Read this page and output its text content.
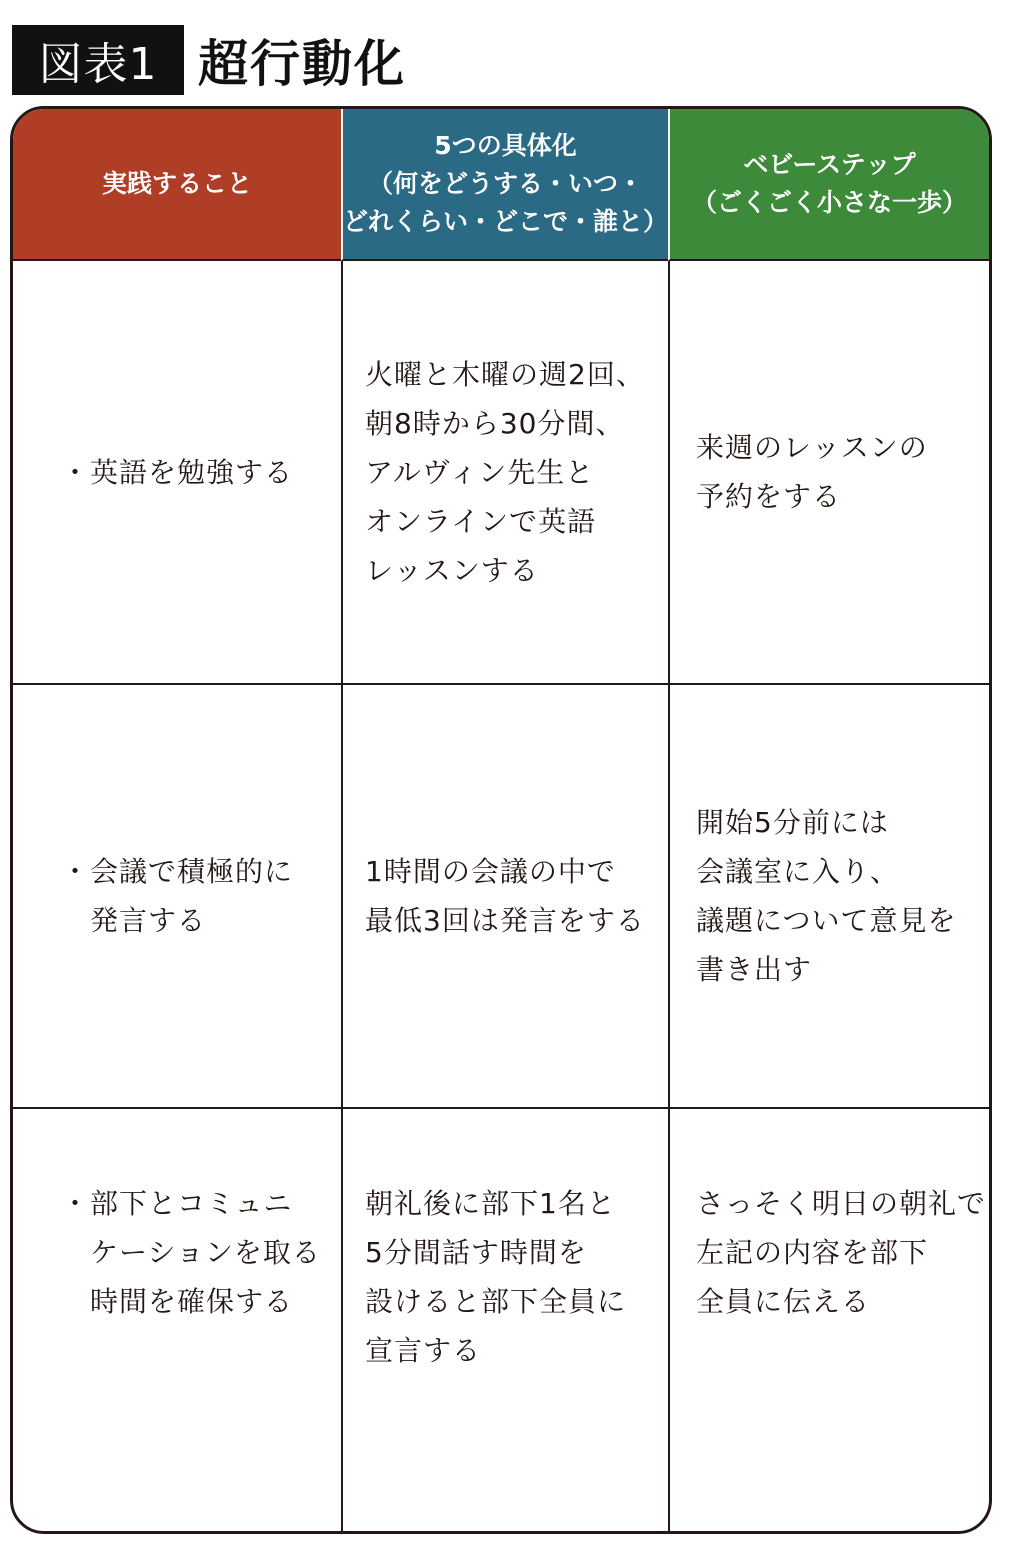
図表1 超行動化
実践すること
5つの具体化
（何をどうする・いつ・
どれくらい・どこで・誰と）
ベビーステップ
（ごくごく小さな一歩）
・英語を勉強する
火曜と木曜の週2回、
朝8時から30分間、
アルヴィン先生と
オンラインで英語
レッスンする
来週のレッスンの
予約をする
・会議で積極的に
　発言する
1時間の会議の中で
最低3回は発言をする
開始5分前には
会議室に入り、
議題について意見を
書き出す
・部下とコミュニ
　ケーションを取る
　時間を確保する
朝礼後に部下1名と
5分間話す時間を
設けると部下全員に
宣言する
さっそく明日の朝礼で
左記の内容を部下
全員に伝える
